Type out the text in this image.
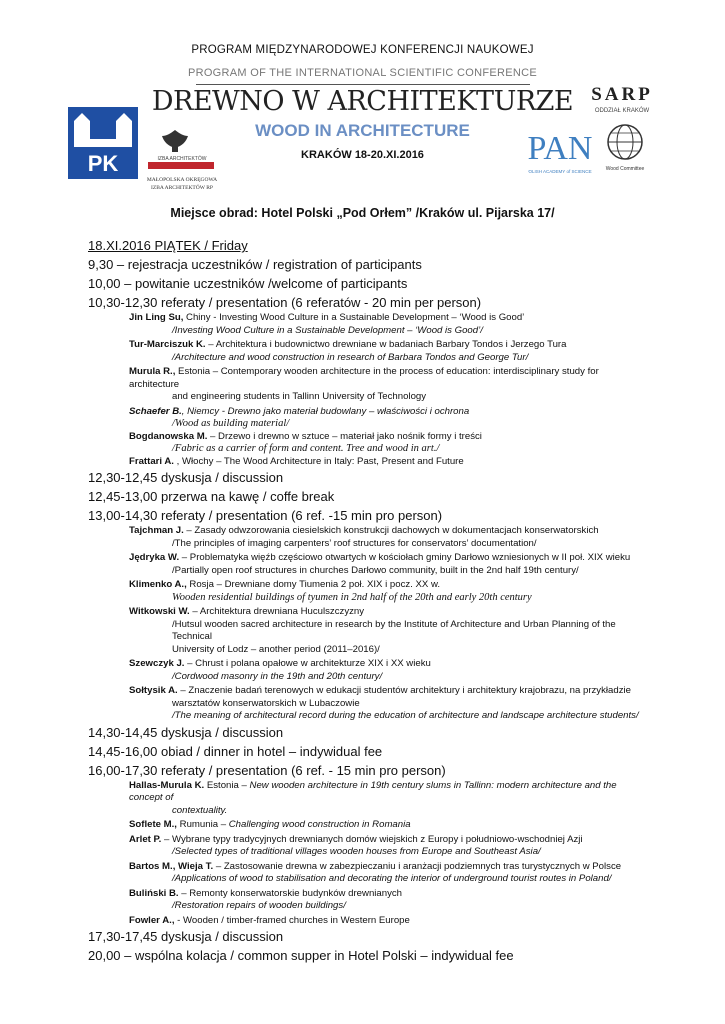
PROGRAM MIĘDZYNARODOWEJ KONFERENCJI NAUKOWEJ
PROGRAM OF THE INTERNATIONAL SCIENTIFIC CONFERENCE
DREWNO W ARCHITEKTURZE
WOOD IN ARCHITECTURE
KRAKÓW 18-20.XI.2016
PK	IZBA ARCHITEKTÓW
MAŁOPOLSKA OKRĘGOWA
IZBA ARCHITEKTÓW RP
SARP
ODDZIAŁ KRAKÓW
PAN
POLISH ACADEMY of SCIENCES Wood Committee
Miejsce obrad: Hotel Polski „Pod Orłem” /Kraków ul. Pijarska 17/
18.XI.2016 PIĄTEK / Friday
9,30 – rejestracja uczestników / registration of participants
10,00 – powitanie uczestników /welcome of participants
10,30-12,30 referaty / presentation (6 referatów - 20 min per person)
Jin Ling Su, Chiny - Investing Wood Culture in a Sustainable Development – ‘Wood is Good’
/Investing Wood Culture in a Sustainable Development – ‘Wood is Good’/
Tur-Marciszuk K. – Architektura i budownictwo drewniane w badaniach Barbary Tondos i Jerzego Tura
/Architecture and wood construction in research of Barbara Tondos and George Tur/
Murula R., Estonia – Contemporary wooden architecture in the process of education: interdisciplinary study for architecture
and engineering students in Tallinn University of Technology
Schaefer B., Niemcy - Drewno jako materiał budowlany – właściwości i ochrona
/Wood as building material/
Bogdanowska M. – Drzewo i drewno w sztuce – materiał jako nośnik formy i treści
/Fabric as a carrier of form and content. Tree and wood in art./
Frattari A. , Włochy – The Wood Architecture in Italy: Past, Present and Future
12,30-12,45 dyskusja / discussion
12,45-13,00 przerwa na kawę / coffe break
13,00-14,30 referaty / presentation (6 ref. -15 min pro person)
Tajchman J. – Zasady odwzorowania ciesielskich konstrukcji dachowych w dokumentacjach konserwatorskich
/The principles of imaging carpenters’ roof structures for conservators’ documentation/
Jędryka W. – Problematyka więźb częściowo otwartych w kościołach gminy Darłowo wzniesionych w II poł. XIX wieku
/Partially open roof structures in churches Darłowo community, built in the 2nd half 19th century/
Klimenko A., Rosja – Drewniane domy Tiumenia 2 poł. XIX i pocz. XX w.
Wooden residential buildings of tyumen in 2nd half of the 20th and early 20th century
Witkowski W. – Architektura drewniana Huculszczyzny
/Hutsul wooden sacred architecture in research by the Institute of Architecture and Urban Planning of the Technical
University of Lodz – another period (2011–2016)/
Szewczyk J. – Chrust i polana opałowe w architekturze XIX i XX wieku
/Cordwood masonry in the 19th and 20th century/
Sołtysik A. – Znaczenie badań terenowych w edukacji studentów architektury i architektury krajobrazu, na przykładzie
warsztatów konserwatorskich w Lubaczowie
/The meaning of architectural record during the education of architecture and landscape architecture students/
14,30-14,45 dyskusja / discussion
14,45-16,00 obiad / dinner in hotel – indywidual fee
16,00-17,30 referaty / presentation (6 ref. - 15 min pro person)
Hallas-Murula K. Estonia – New wooden architecture in 19th century slums in Tallinn: modern architecture and the concept of
contextuality.
Soflete M., Rumunia – Challenging wood construction in Romania
Arlet P. – Wybrane typy tradycyjnych drewnianych domów wiejskich z Europy i południowo-wschodniej Azji
/Selected types of traditional villages wooden houses from Europe and Southeast Asia/
Bartos M., Wieja T. – Zastosowanie drewna w zabezpieczaniu i aranżacji podziemnych tras turystycznych w Polsce
/Applications of wood to stabilisation and decorating the interior of underground tourist routes in Poland/
Buliński B. – Remonty konserwatorskie budynków drewnianych
/Restoration repairs of wooden buildings/
Fowler A., - Wooden / timber-framed churches in Western Europe
17,30-17,45 dyskusja / discussion
20,00 – wspólna kolacja / common supper in Hotel Polski – indywidual fee
